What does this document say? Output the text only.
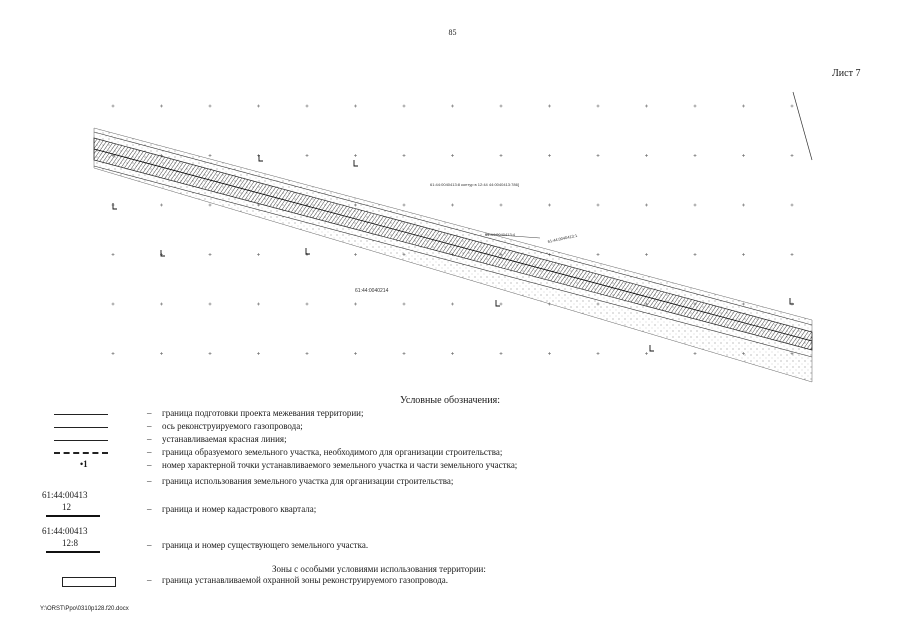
85
Лист 7
61:44:0040413:8 контур в 12:44 44:0040413:786]
61:44:0040413:4
61:44:0040214
61:44:0040413:1
Условные обозначения:
– граница подготовки проекта межевания территории;
– ось реконструируемого газопровода;
– устанавливаемая красная линия;
– граница образуемого земельного участка, необходимого для организации строительства;
•1	– номер характерной точки устанавливаемого земельного участка и части земельного участка;
– граница использования земельного участка для организации строительства;
61:44:00413
12	– граница и номер кадастрового квартала;
61:44:00413
12:8	– граница и номер существующего земельного участка.
Зоны с особыми условиями использования территории:
– граница устанавливаемой охранной зоны реконструируемого газопровода.
Y:\ORST\Ppo\0310p128.f20.docx
